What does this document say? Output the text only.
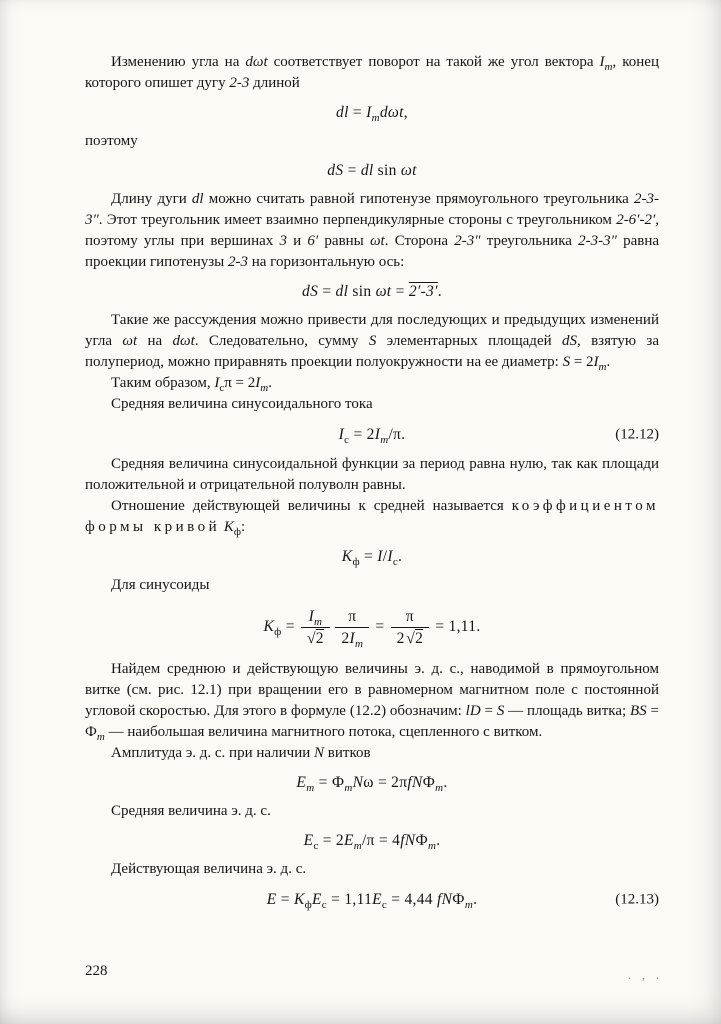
Изменению угла на dωt соответствует поворот на такой же угол вектора $I_m$, конец которого опишет дугу 2-3 длиной

dl = $I_md\omega t$,

поэтому

dS = dl sin ωt

Длину дуги dl можно считать равной гипотенузе прямоугольного треугольника 2-3-3″. Этот треугольник имеет взаимно перпендикулярные стороны с треугольником 2-6′-2′, поэтому углы при вершинах 3 и 6′ равны ωt. Сторона 2-3″ треугольника 2-3-3″ равна проекции гипотенузы 2-3 на горизонтальную ось:

dS = dl sin ωt = 2′-3′.

Такие же рассуждения можно привести для последующих и предыдущих изменений угла ωt на dωt. Следовательно, сумму S элементарных площадей dS, взятую за полупериод, можно приравнять проекции полуокружности на ее диаметр: $S = 2I_m$.

Таким образом, $I_с\pi = 2I_m$.

Средняя величина синусоидального тока

$I_с = 2I_m/\pi$.	(12.12)

Средняя величина синусоидальной функции за период равна нулю, так как площади положительной и отрицательной полуволн равны.

Отношение действующей величины к средней называется коэффициентом формы кривой $K_ф$:

$K_ф = I/I_с$.

Для синусоиды

$K_ф = \frac{I_m}{√2}$
  $\frac{\pi}{2I_m} = \frac{\pi}{2 √2} = 1,11$.

Найдем среднюю и действующую величины э. д. с., наводимой в прямоугольном витке (см. рис. 12.1) при вращении его в равномерном магнитном поле с постоянной угловой скоростью. Для этого в формуле (12.2) обозначим: lD = S — площадь витка; BS = $Ф_m$ — наибольшая величина магнитного потока, сцепленного с витком.

Амплитуда э. д. с. при наличии N витков

$E_m = Ф_mN\omega = 2\pi fNФ_m$.

Средняя величина э. д. с.

$E_с = 2E_m/\pi = 4fNФ_m$.

Действующая величина э. д. с.

$E = K_фE_с = 1,11E_с = 4,44$ fNФ$_m$.	(12.13)
228	. , .
